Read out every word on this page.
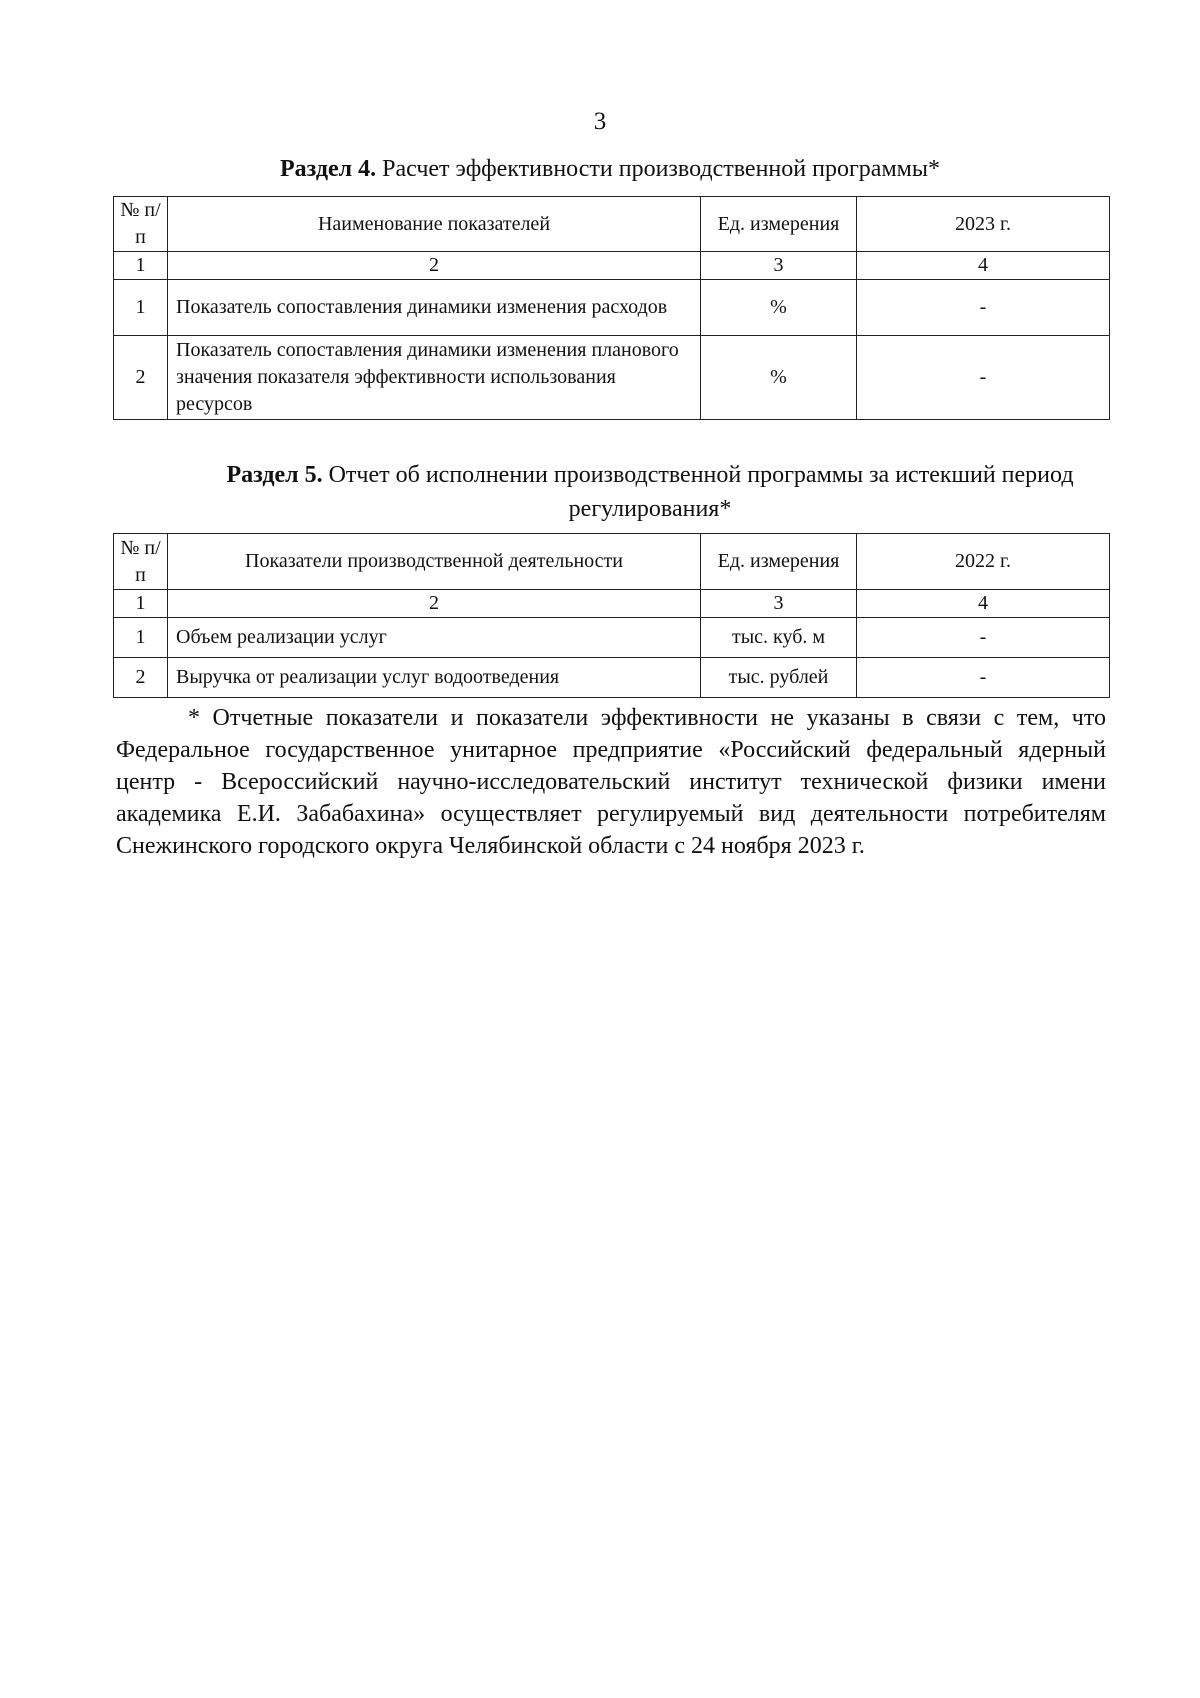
3
Раздел 4. Расчет эффективности производственной программы*
№ п/п	Наименование показателей	Ед. измерения	2023 г.
1	2	3	4
1	Показатель сопоставления динамики изменения расходов	%	-
2	Показатель сопоставления динамики изменения планового значения показателя эффективности использования ресурсов	%	-
Раздел 5. Отчет об исполнении производственной программы за истекший период регулирования*
№ п/п	Показатели производственной деятельности	Ед. измерения	2022 г.
1	2	3	4
1	Объем реализации услуг	тыс. куб. м	-
2	Выручка от реализации услуг водоотведения	тыс. рублей	-

* Отчетные показатели и показатели эффективности не указаны в связи с тем, что Федеральное государственное унитарное предприятие «Российский федеральный ядерный центр - Всероссийский научно-исследовательский институт технической физики имени академика Е.И. Забабахина» осуществляет регулируемый вид деятельности потребителям Снежинского городского округа Челябинской области с 24 ноября 2023 г.
